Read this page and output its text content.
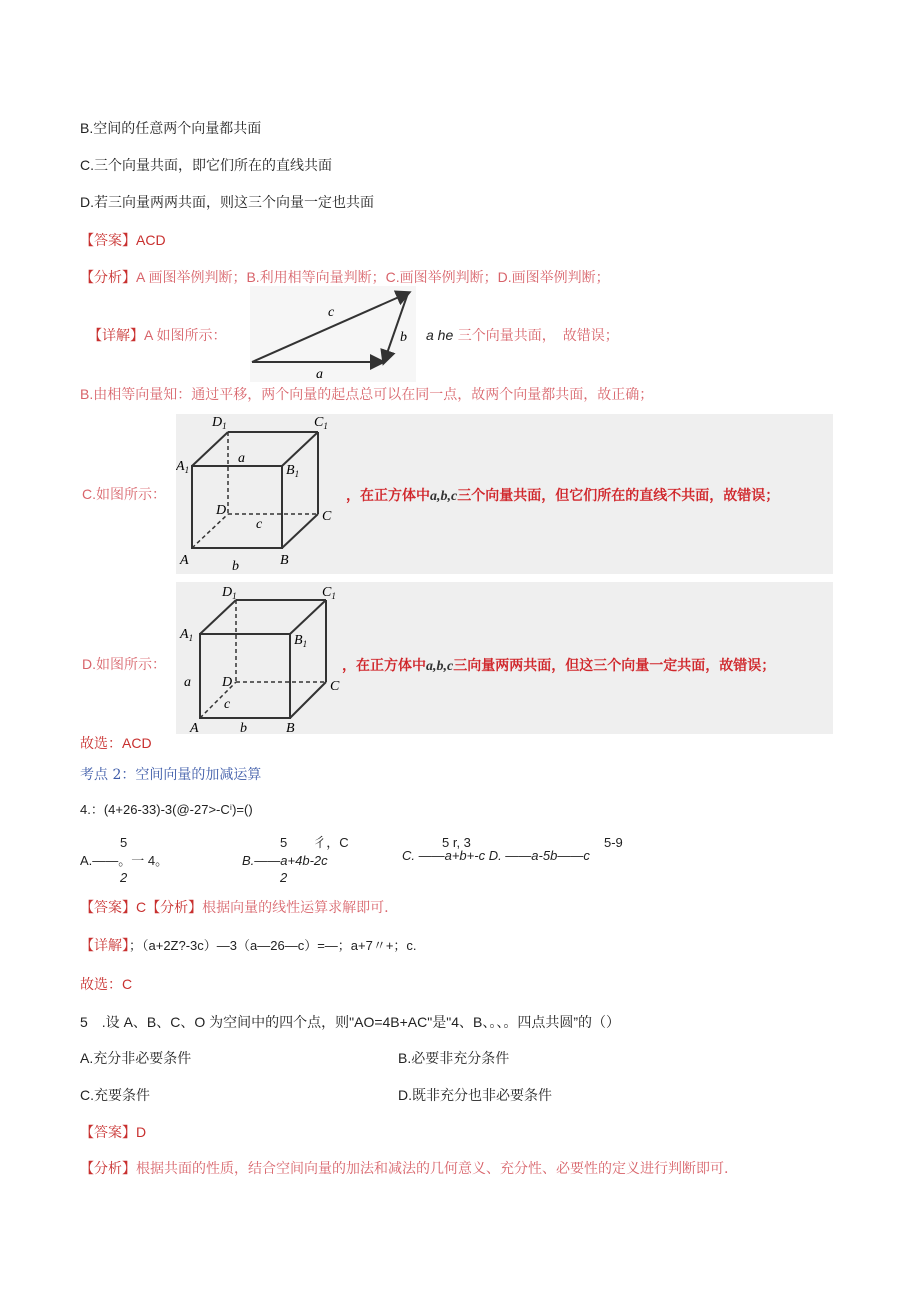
B.空间的任意两个向量都共面
C.三个向量共面，即它们所在的直线共面
D.若三向量两两共面，则这三个向量一定也共面
【答案】ACD
【分析】A 画图举例判断；B.利用相等向量判断；C.画图举例判断；D.画图举例判断；
【详解】A 如图所示：
c
b
a
a he 三个向量共面，　故错误；
B.由相等向量知：通过平移，两个向量的起点总可以在同一点，故两个向量都共面，故正确；
C.如图所示：
$D_1$	$C_1$
$A_1$	$B_1$
D	C
A	B
a
b
c
，在正方体中a,b,c三个向量共面，但它们所在的直线不共面，故错误；
D.如图所示：
$D_1$	$C_1$
$A_1$	$B_1$
D	C
A	B
a
b
c
，在正方体中a,b,c三向量两两共面，但这三个向量一定共面，故错误；
故选：ACD
考点 2：空间向量的加减运算
4.：(4+26-33)-3(@-27>-Cⁱ)=()
5
A.——。一 4。
2
5　　彳，C
B.——a+4b-2c
2
5 r, 3	5-9
C. ——a+b+-c D. ——a-5b——c
【答案】C【分析】根据向量的线性运算求解即可.
【详解】；（a+2Z?-3c）—3（a—26—c）=—；a+7〃+；c.
故选：C
5　.设 A、B、C、O 为空间中的四个点，则"AO=4B+AC"是"4、B、。、。四点共圆”的（）
A.充分非必要条件	B.必要非充分条件
C.充要条件	D.既非充分也非必要条件
【答案】D
【分析】根据共面的性质，结合空间向量的加法和减法的几何意义、充分性、必要性的定义进行判断即可.
